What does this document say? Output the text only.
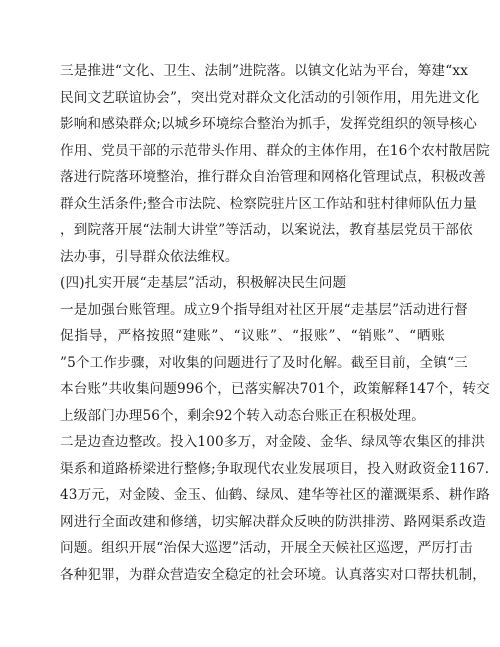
三是推进“文化、卫生、法制”进院落。以镇文化站为平台，筹建“xx
民间文艺联谊协会”，突出党对群众文化活动的引领作用，用先进文化
影响和感染群众;以城乡环境综合整治为抓手，发挥党组织的领导核心
作用、党员干部的示范带头作用、群众的主体作用，在16个农村散居院
落进行院落环境整治，推行群众自治管理和网格化管理试点，积极改善
群众生活条件;整合市法院、检察院驻片区工作站和驻村律师队伍力量
，到院落开展“法制大讲堂”等活动，以案说法，教育基层党员干部依
法办事，引导群众依法维权。
(四)扎实开展“走基层”活动，积极解决民生问题
一是加强台账管理。成立9个指导组对社区开展“走基层”活动进行督
促指导，严格按照“建账”、“议账”、“报账”、“销账”、“晒账
”5个工作步骤，对收集的问题进行了及时化解。截至目前，全镇“三
本台账”共收集问题996个，已落实解决701个，政策解释147个，转交
上级部门办理56个，剩余92个转入动态台账正在积极处理。
二是边查边整改。投入100多万，对金陵、金华、绿凤等农集区的排洪
渠系和道路桥梁进行整修;争取现代农业发展项目，投入财政资金1167.
43万元，对金陵、金玉、仙鹤、绿凤、建华等社区的灌溉渠系、耕作路
网进行全面改建和修缮，切实解决群众反映的防洪排涝、路网渠系改造
问题。组织开展“治保大巡逻”活动，开展全天候社区巡逻，严厉打击
各种犯罪，为群众营造安全稳定的社会环境。认真落实对口帮扶机制，
